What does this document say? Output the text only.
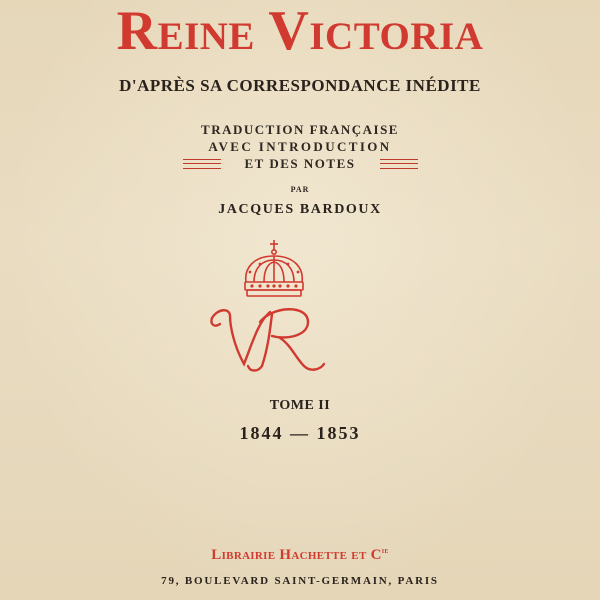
Reine Victoria
D'APRÈS SA CORRESPONDANCE INÉDITE
TRADUCTION FRANÇAISE
AVEC INTRODUCTION
ET DES NOTES
PAR
JACQUES BARDOUX
TOME II
1844 — 1853
Librairie Hachette et $C^{ie}$
79, BOULEVARD SAINT-GERMAIN, PARIS
